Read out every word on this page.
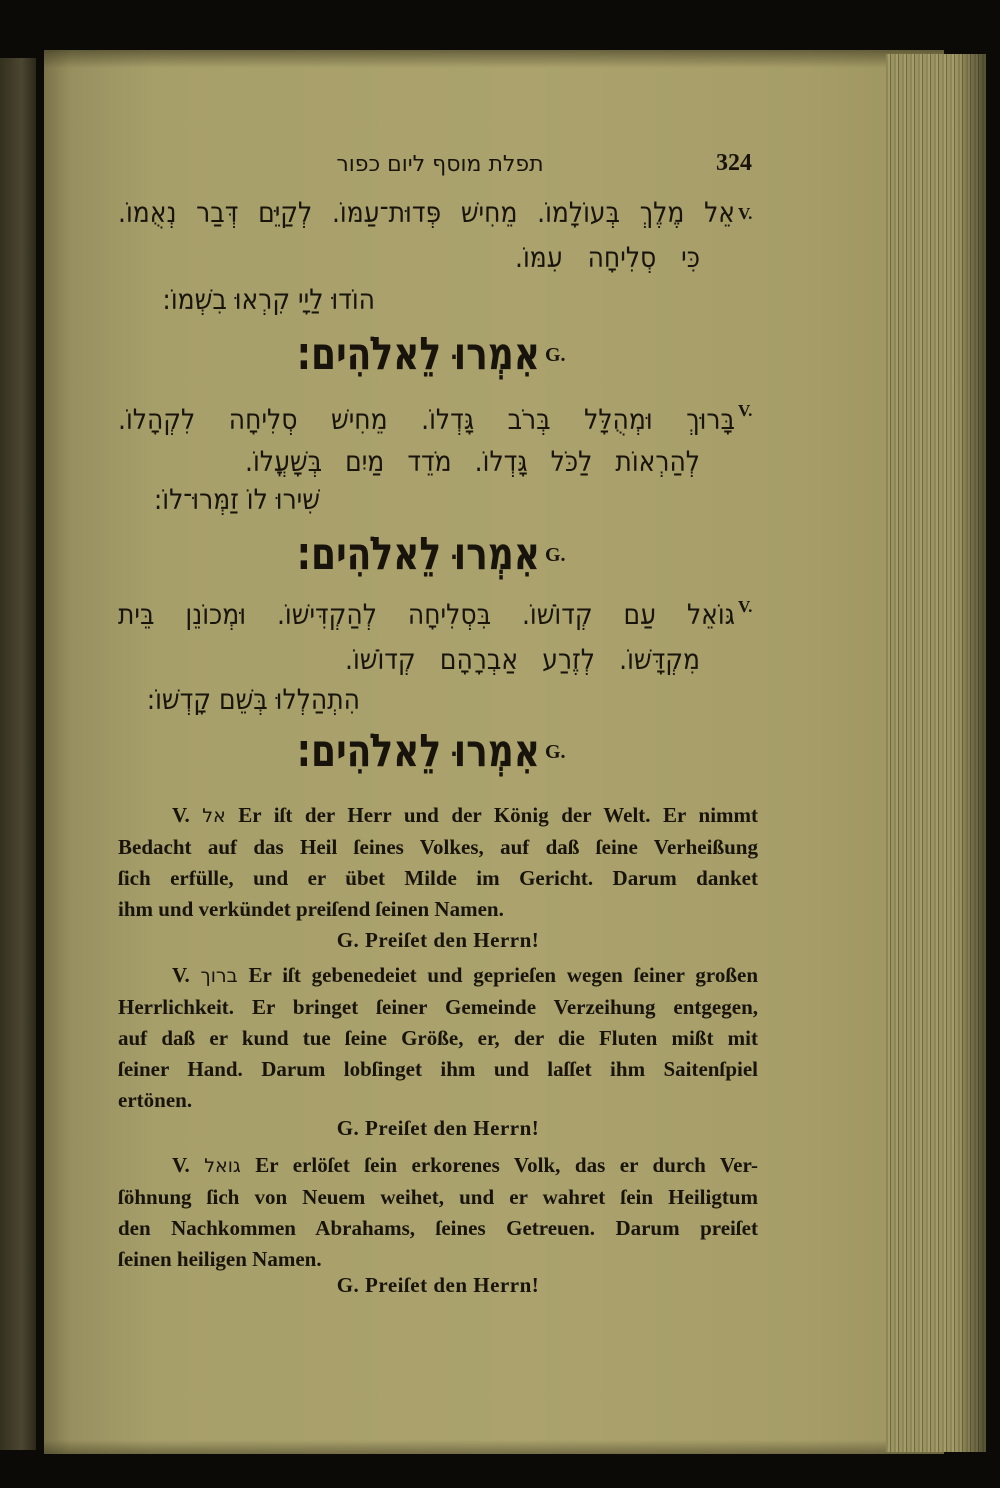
תפלת מוסף ליום כפור	324
V.
אֵל מֶלֶךְ בְּעוֹלָמוֹ. מֵחִישׁ פְּדוּת־עַמּוֹ. לְקַיֵּם דְּבַר נְאֻמוֹ.
כִּי סְלִיחָה עִמּוֹ.
הוֹדוּ לַיָי קִרְאוּ בִשְׁמוֹ:
אִמְרוּ לֵאלֹהִים: G.
V.
בָּרוּךְ וּמְהֻלָּל בְּרֹב גָּדְלוֹ. מֵחִישׁ סְלִיחָה לִקְהָלוֹ.
לְהַרְאוֹת לַכֹּל גָּדְלוֹ. מֹדֵד מַיִם בְּשָׁעֳלוֹ.
שִׁירוּ לוֹ זַמְּרוּ־לוֹ:
אִמְרוּ לֵאלֹהִים: G.
V.
גּוֹאֵל עַם קְדוֹשׁוֹ. בִּסְלִיחָה לְהַקְדִּישׁוֹ. וּמְכוֹנֵן בֵּית
מִקְדָּשׁוֹ. לְזֶרַע אַבְרָהָם קְדוֹשׁוֹ.
הִתְהַלְלוּ בְּשֵׁם קָדְשׁוֹ:
אִמְרוּ לֵאלֹהִים: G.
V. אל Er iſt der Herr und der König der Welt. Er nimmt
Bedacht auf das Heil ſeines Volkes, auf daß ſeine Verheißung
ſich erfülle, und er übet Milde im Gericht. Darum danket
ihm und verkündet preiſend ſeinen Namen.
G. Preiſet den Herrn!
V. ברוך Er iſt gebenedeiet und geprieſen wegen ſeiner großen
Herrlichkeit. Er bringet ſeiner Gemeinde Verzeihung entgegen,
auf daß er kund tue ſeine Größe, er, der die Fluten mißt mit
ſeiner Hand. Darum lobſinget ihm und laſſet ihm Saitenſpiel
ertönen.
G. Preiſet den Herrn!
V. גואל Er erlöſet ſein erkorenes Volk, das er durch Ver-
ſöhnung ſich von Neuem weihet, und er wahret ſein Heiligtum
den Nachkommen Abrahams, ſeines Getreuen. Darum preiſet
ſeinen heiligen Namen.
G. Preiſet den Herrn!
